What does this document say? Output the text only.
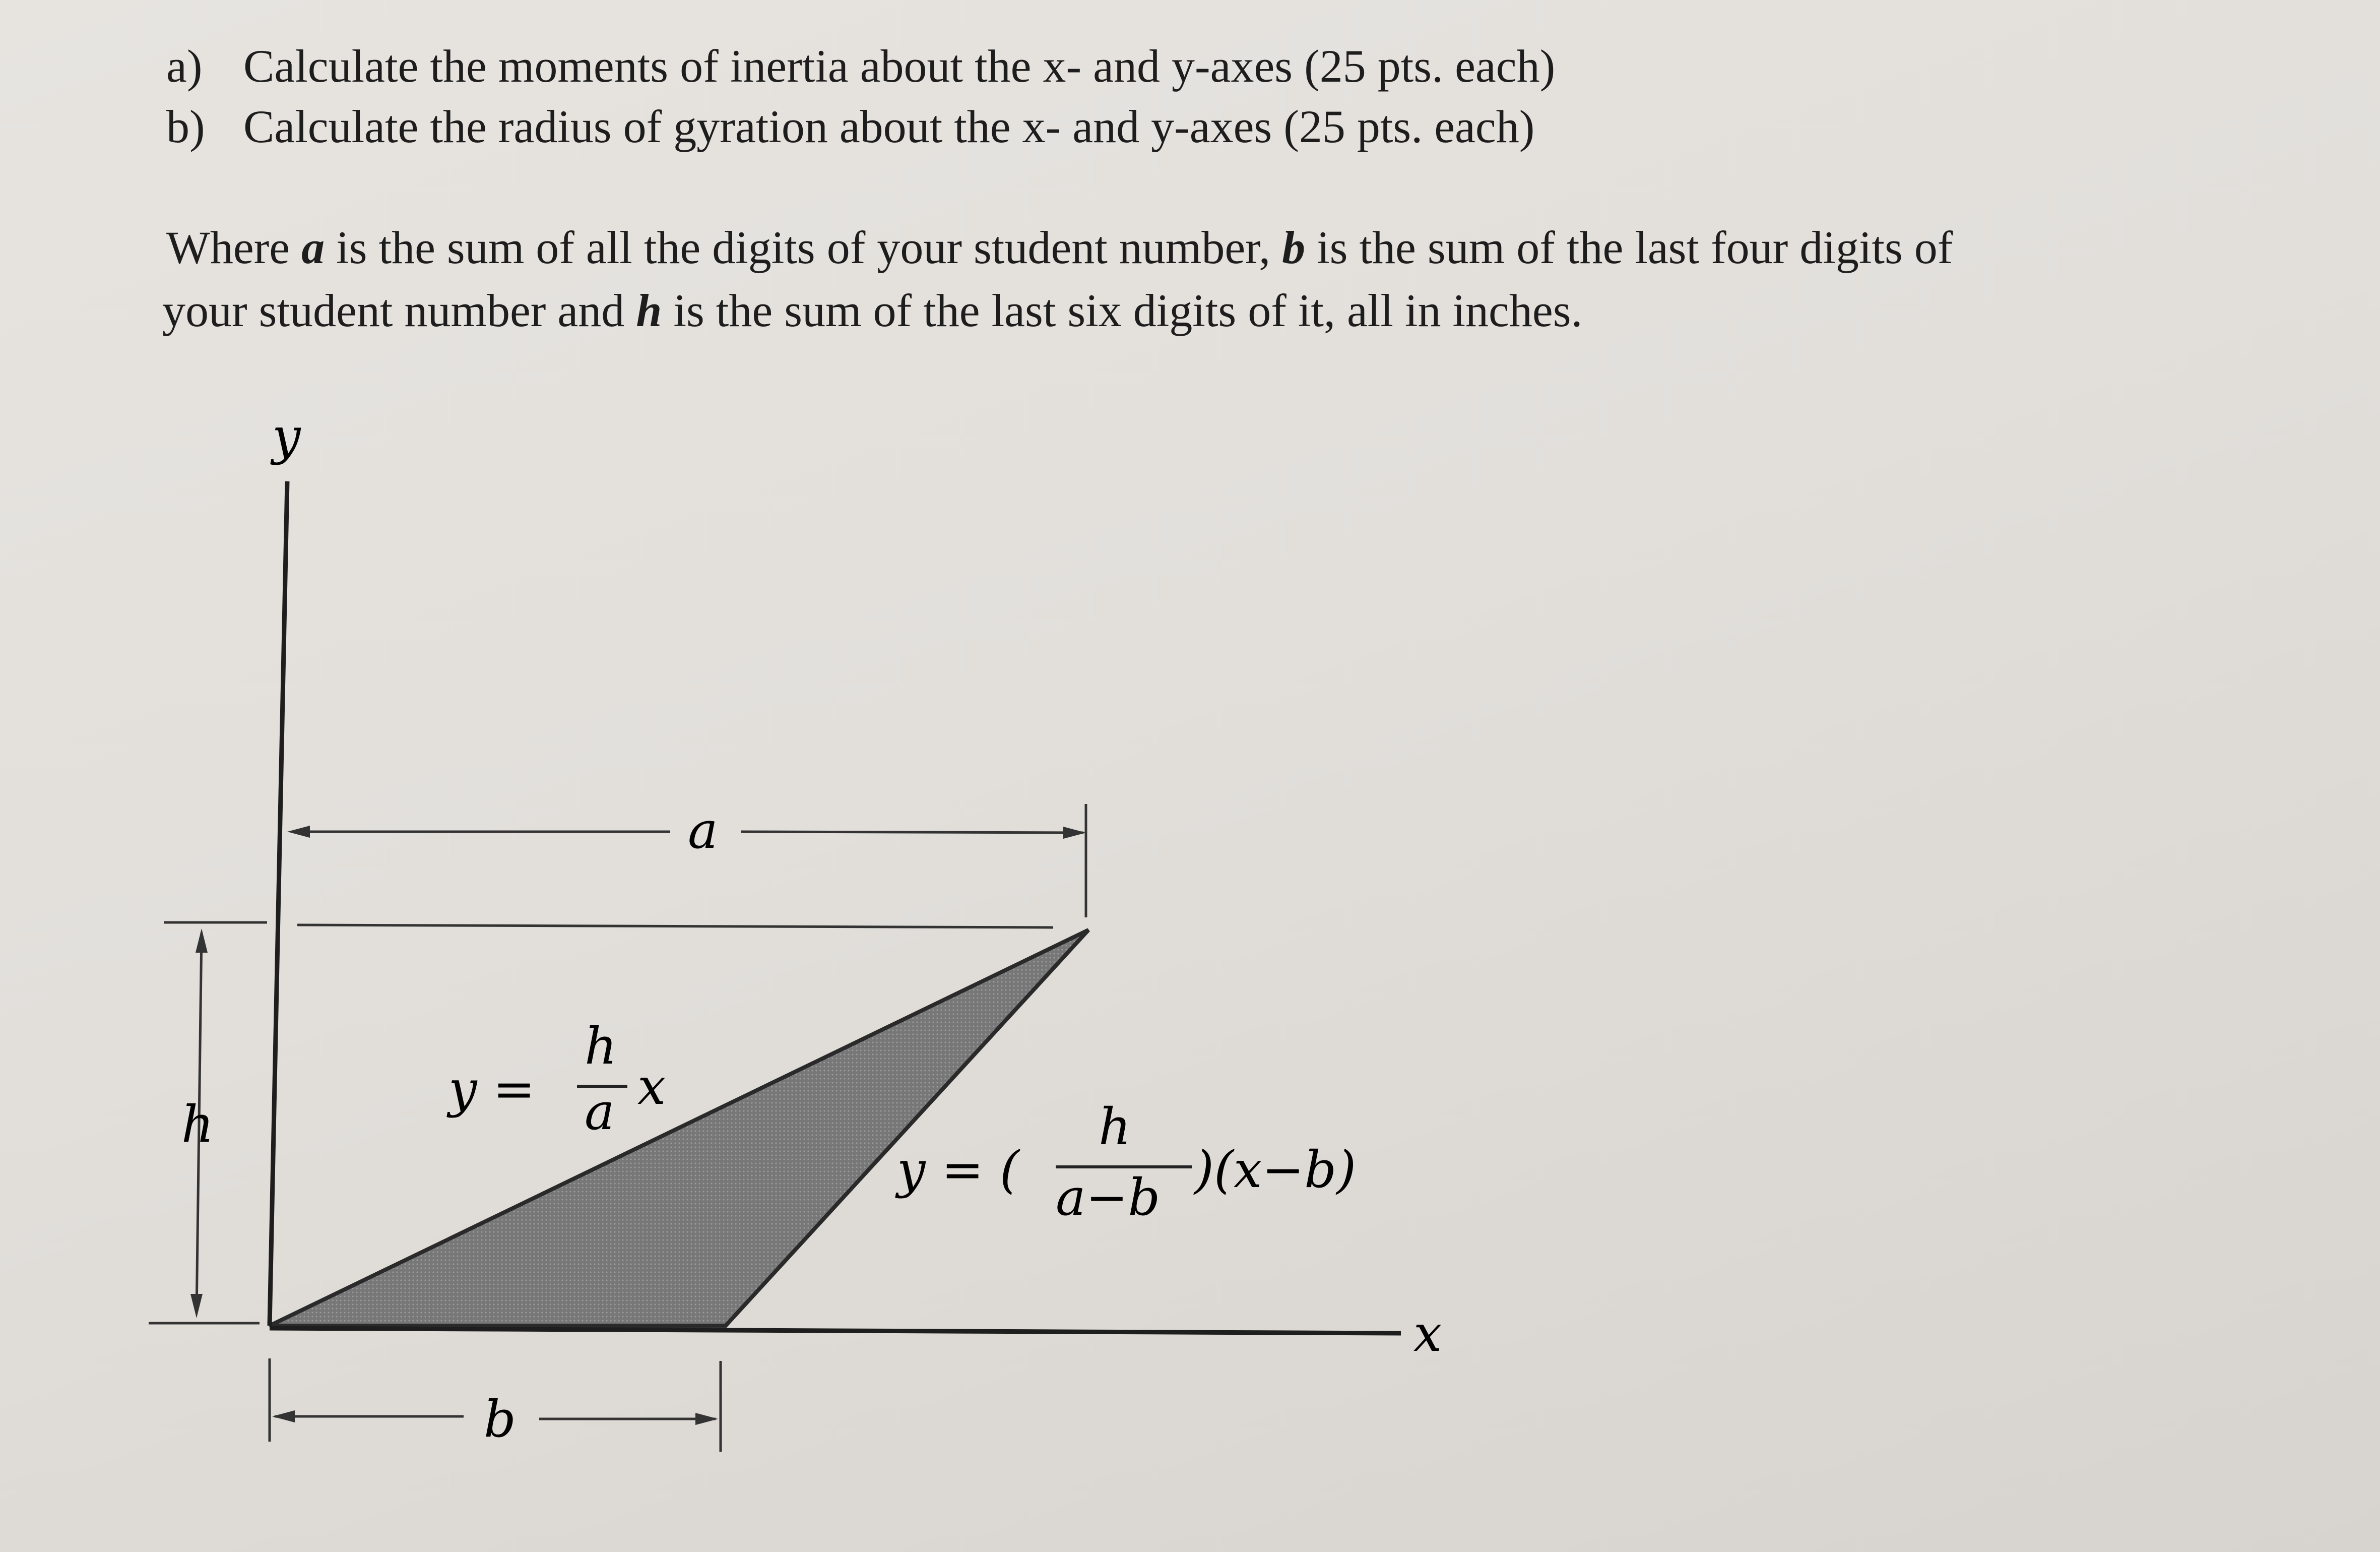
a) Calculate the moments of inertia about the x- and y-axes (25 pts. each)
b) Calculate the radius of gyration about the x- and y-axes (25 pts. each)
Where a is the sum of all the digits of your student number, b is the sum of the last four digits of
your student number and h is the sum of the last six digits of it, all in inches.
y
x
a
h
b
y =
h
a x
y = (
h
a−b )(x−b)
